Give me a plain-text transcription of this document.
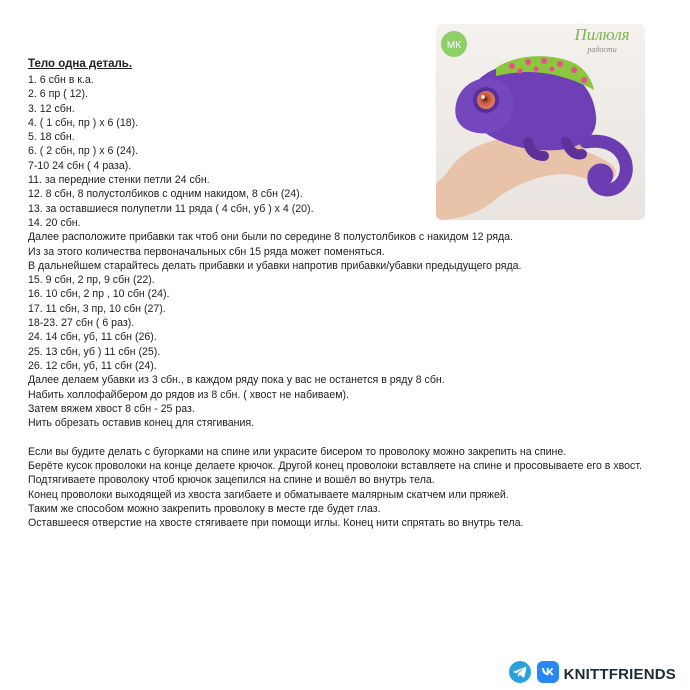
Тело одна деталь.
1. 6 сбн в к.а.
2. 6 пр ( 12).
3. 12 сбн.
4. ( 1 сбн, пр ) х 6 (18).
5. 18 сбн.
6. ( 2 сбн, пр ) х 6 (24).
7-10 24 сбн ( 4 раза).
11. за передние стенки петли 24 сбн.
12. 8 сбн, 8 полустолбиков с одним накидом, 8 сбн (24).
13. за оставшиеся полупетли 11 ряда ( 4 сбн, уб ) х 4 (20).
14. 20 сбн.
Далее расположите прибавки так чтоб они были по середине 8 полустолбиков с накидом 12 ряда.
Из за этого количества первоначальных сбн 15 ряда может поменяться.
В дальнейшем старайтесь делать прибавки и убавки напротив прибавки/убавки предыдущего ряда.
15. 9 сбн, 2 пр, 9 сбн (22).
16. 10 сбн, 2 пр , 10 сбн (24).
17. 11 сбн, 3 пр, 10 сбн (27).
18-23. 27 сбн ( 6 раз).
24. 14 сбн, уб, 11 сбн (26).
25. 13 сбн, уб ) 11 сбн (25).
26. 12 сбн, уб, 11 сбн (24).
Далее делаем убавки из 3 сбн., в каждом ряду пока у вас не останется в ряду 8 сбн.
Набить холлофайбером до рядов из 8 сбн. ( хвост не набиваем).
Затем вяжем хвост 8 сбн - 25 раз.
Нить обрезать оставив конец для стягивания.
Если вы будите делать с бугорками на спине или украсите бисером то проволоку можно закрепить на спине.
Берёте кусок проволоки на конце делаете крючок. Другой конец проволоки вставляете на спине и просовываете его в хвост.
Подтягиваете проволоку чтоб крючок зацепился на спине и вошёл во внутрь тела.
Конец проволоки выходящей из хвоста загибаете и обматываете малярным скатчем или пряжей.
Таким же способом можно закрепить проволоку в месте где будет глаз.
Оставшееся отверстие на хвосте стягиваете при помощи иглы. Конец нити спрятать во внутрь тела.
МК
Пилюля
радости
KNITTFRIENDS
